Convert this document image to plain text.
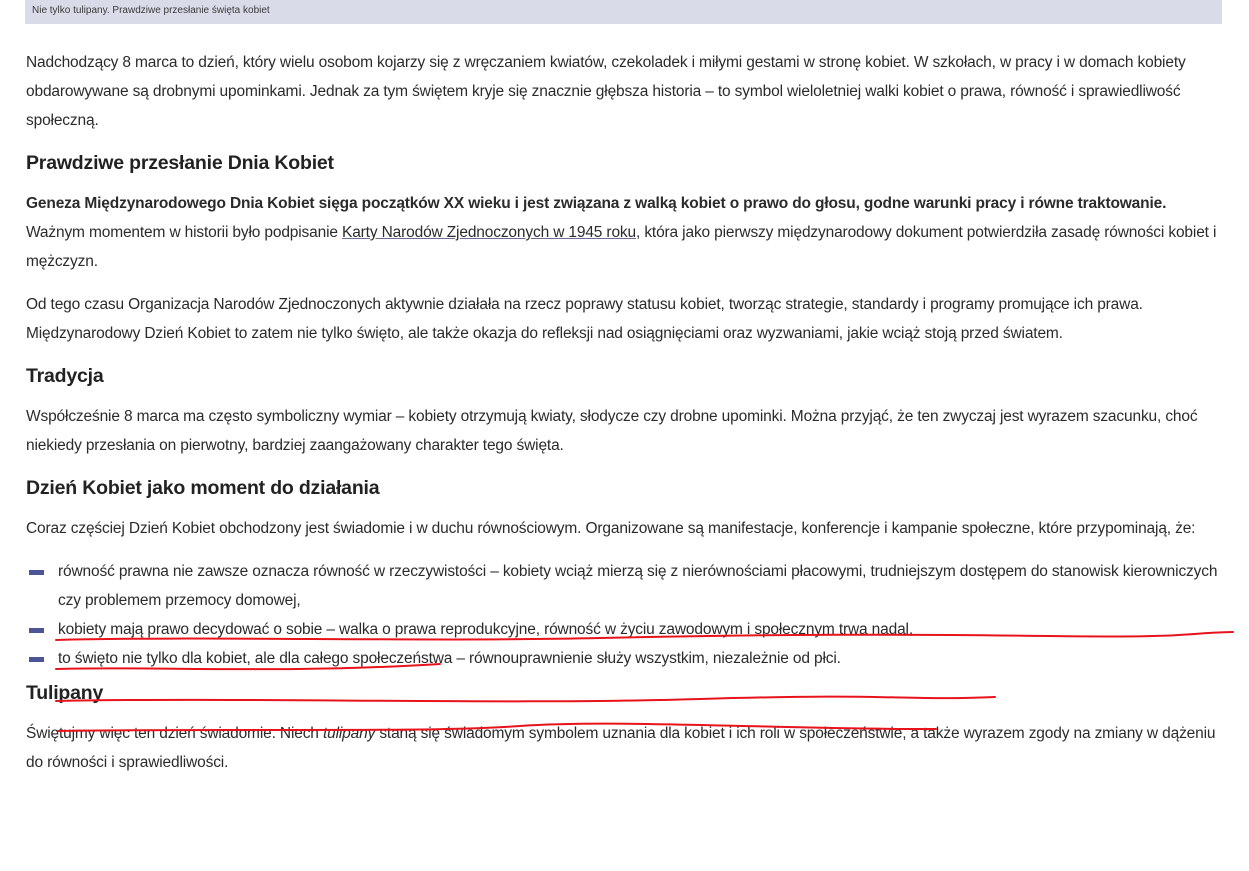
Nie tylko tulipany. Prawdziwe przesłanie święta kobiet

Nadchodzący 8 marca to dzień, który wielu osobom kojarzy się z wręczaniem kwiatów, czekoladek i miłymi gestami w stronę kobiet. W szkołach, w pracy i w domach kobiety obdarowywane są drobnymi upominkami. Jednak za tym świętem kryje się znacznie głębsza historia – to symbol wieloletniej walki kobiet o prawa, równość i sprawiedliwość społeczną.

Prawdziwe przesłanie Dnia Kobiet

Geneza Międzynarodowego Dnia Kobiet sięga początków XX wieku i jest związana z walką kobiet o prawo do głosu, godne warunki pracy i równe traktowanie. Ważnym momentem w historii było podpisanie Karty Narodów Zjednoczonych w 1945 roku, która jako pierwszy międzynarodowy dokument potwierdziła zasadę równości kobiet i mężczyzn.

Od tego czasu Organizacja Narodów Zjednoczonych aktywnie działała na rzecz poprawy statusu kobiet, tworząc strategie, standardy i programy promujące ich prawa. Międzynarodowy Dzień Kobiet to zatem nie tylko święto, ale także okazja do refleksji nad osiągnięciami oraz wyzwaniami, jakie wciąż stoją przed światem.

Tradycja

Współcześnie 8 marca ma często symboliczny wymiar – kobiety otrzymują kwiaty, słodycze czy drobne upominki. Można przyjąć, że ten zwyczaj jest wyrazem szacunku, choć niekiedy przesłania on pierwotny, bardziej zaangażowany charakter tego święta.

Dzień Kobiet jako moment do działania

Coraz częściej Dzień Kobiet obchodzony jest świadomie i w duchu równościowym. Organizowane są manifestacje, konferencje i kampanie społeczne, które przypominają, że:

równość prawna nie zawsze oznacza równość w rzeczywistości – kobiety wciąż mierzą się z nierównościami płacowymi, trudniejszym dostępem do stanowisk kierowniczych czy problemem przemocy domowej,
kobiety mają prawo decydować o sobie – walka o prawa reprodukcyjne, równość w życiu zawodowym i społecznym trwa nadal,
to święto nie tylko dla kobiet, ale dla całego społeczeństwa – równouprawnienie służy wszystkim, niezależnie od płci.
Tulipany

Świętujmy więc ten dzień świadomie. Niech tulipany staną się świadomym symbolem uznania dla kobiet i ich roli w społeczeństwie, a także wyrazem zgody na zmiany w dążeniu do równości i sprawiedliwości.
